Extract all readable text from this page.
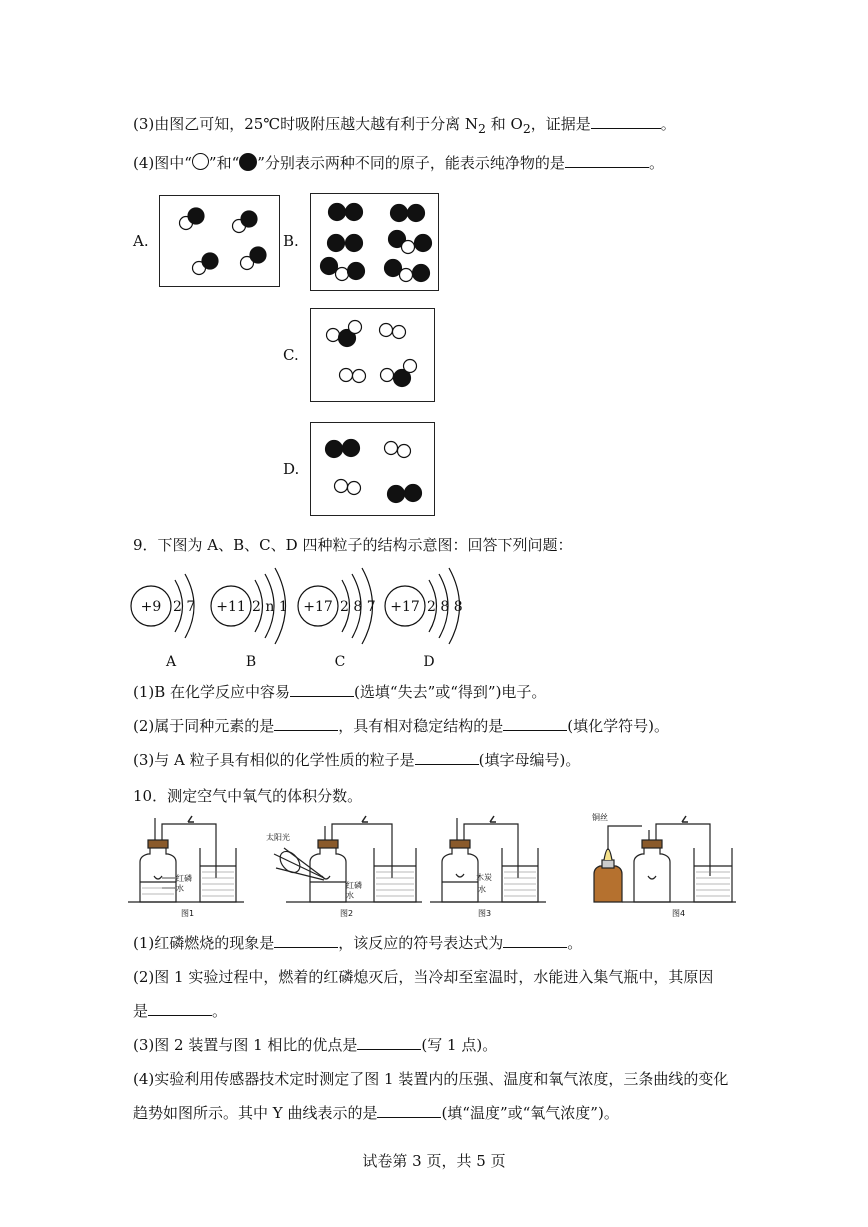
(3)由图乙可知，25℃时吸附压越大越有利于分离 $N_2$ 和 $O_2$，证据是	。
(4)图中“ ”和“ ”分别表示两种不同的原子，能表示纯净物的是	。
A.	B.
C.
D.
9．下图为 A、B、C、D 四种粒子的结构示意图：回答下列问题：
+9 2 7 +11 2 n 1 +17 2 8 7 +17 2 8 8
A	B	C	D
(1)B 在化学反应中容易	(选填“失去”或“得到”)电子。
(2)属于同种元素的是	，具有相对稳定结构的是	(填化学符号)。
(3)与 A 粒子具有相似的化学性质的粒子是	(填字母编号)。
10．测定空气中氧气的体积分数。
红磷
水
图1
太阳光
红磷
水
图2
木炭
水
图3
铜丝
图4
(1)红磷燃烧的现象是	，该反应的符号表达式为	。
(2)图 1 实验过程中，燃着的红磷熄灭后，当冷却至室温时，水能进入集气瓶中，其原因
是	。
(3)图 2 装置与图 1 相比的优点是	(写 1 点)。
(4)实验利用传感器技术定时测定了图 1 装置内的压强、温度和氧气浓度，三条曲线的变化
趋势如图所示。其中 Y 曲线表示的是	(填“温度”或“氧气浓度”)。
试卷第 3 页，共 5 页
